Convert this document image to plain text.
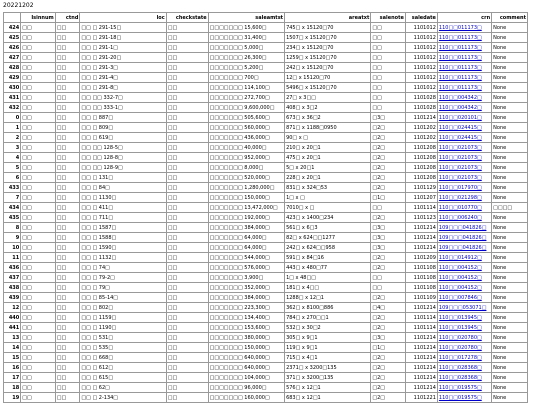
20221202
	Isinnum	ctnd	loc	checkstate	saleamtst	areatxt	salenote	saledate	crn	comment
424	□□	□□	□□ □ 291-15□	□□	□□□□□□□ 15,600□	745□ x 15120□70	□□	1101012	110□□011173□	None
425	□□	□□	□□ □ 291-18□	□□	□□□□□□□ 31,400□	1507□ x 15120□70	□□	1101012	110□□011173□	None
426	□□	□□	□□ □ 291-1□	□□	□□□□□□□ 5,000□	234□ x 15120□70	□□	1101012	110□□011173□	None
427	□□	□□	□□ □ 291-20□	□□	□□□□□□□ 26,300□	1259□ x 15120□70	□□	1101012	110□□011173□	None
428	□□	□□	□□ □ 291-3□	□□	□□□□□□□ 5,200□	242□ x 15120□70	□□	1101012	110□□011173□	None
429	□□	□□	□□ □ 291-4□	□□	□□□□□□□ 700□	12□ x 15120□70	□□	1101012	110□□011173□	None
430	□□	□□	□□ □ 291-8□	□□	□□□□□□□ 114,100□	5496□ x 15120□70	□□	1101012	110□□011173□	None
431	□□	□□	□□ □□ 332-7□	□□	□□□□□□□ 272,700□	27□ x 3□□	□□	1101028	110□□004342□	None
432	□□	□□	□□ □□ 333-1□	□□	□□□□□□□ 9,600,000□	408□ x 3□2	□□	1101028	110□□004342□	None
0	□□	□□	□□ □ 887□	□□	□□□□□□□ 505,600□	673□ x 36□2	□3□	1101214	110□□020101□	None
1	□□	□□	□□ □ 809□	□□	□□□□□□□ 560,000□	871□ x 1188□0950	□2□	1101202	110□□024415□	None
2	□□	□□	□□ □ 619□	□□	□□□□□□□ 436,000□	90□ x □	□2□	1101202	110□□024415□	None
3	□□	□□	□□ □□ 128-5□	□□	□□□□□□□ 40,000□	210□ x 20□1	□2□	1101208	110□□021073□	None
4	□□	□□	□□ □□ 128-8□	□□	□□□□□□□ 952,000□	475□ x 20□1	□2□	1101208	110□□021073□	None
5	□□	□□	□□ □□ 128-9□	□□	□□□□□□□ 8,000□	5□ x 20□1	□2□	1101208	110□□021073□	None
6	□□	□□	□□ □ 131□	□□	□□□□□□□ 520,000□	228□ x 20□1	□2□	1101208	110□□021073□	None
433	□□	□□	□□ □ 84□	□□	□□□□□□□ 1,280,000□	831□ x 324□53	□2□	1101129	110□□017970□	None
7	□□	□□	□□ □ 1130□	□□	□□□□□□□ 150,000□	1□ x □	□1□	1101207	110□□021298□	None
434	□□	□□	□□ □ 411□	□□	□□□□□□□ 13,472,000□	7010□ x □	□□	1101114	110□□010770□	□□□□
435	□□	□□	□□ □ 711□	□□	□□□□□□□ 192,000□	423□ x 1400□234	□2□	1101123	110□□006240□	None
8	□□	□□	□□ □ 1587□	□□	□□□□□□□ 384,000□	561□ x 6□3	□3□	1101214	109□□□041826□	None
9	□□	□□	□□ □ 1588□	□□	□□□□□□□ 64,000□	82□ x 624□□1277	□3□	1101214	109□□□041826□	None
10	□□	□□	□□ □ 1590□	□□	□□□□□□□ 64,000□	242□ x 624□□958	□3□	1101214	109□□□041826□	None
11	□□	□□	□□ □ 1132□	□□	□□□□□□□ 544,000□	591□ x 84□16	□2□	1101209	110□□014912□	None
436	□□	□□	□□ □ 74□	□□	□□□□□□□ 576,000□	443□ x 480□77	□2□	1101108	110□□004152□	None
437	□□	□□	□□ □ 79-2□	□□	□□□□□□□ 3,900□	1□ x 48□□	□□	1101108	110□□004152□	None
438	□□	□□	□□ □ 79□	□□	□□□□□□□ 352,000□	181□ x 4□□	□□	1101108	110□□004152□	None
439	□□	□□	□□ □ 85-14□	□□	□□□□□□□ 384,000□	1288□ x 12□1	□2□	1101109	110□□007846□	None
12	□□	□□	□□ □ 802□	□□	□□□□□□□ 223,300□	362□ x 8100□886	□4□	1101214	109□□□053071□	None
440	□□	□□	□□ □ 1159□	□□	□□□□□□□ 134,400□	784□ x 270□□1	□2□	1101114	110□□013945□	None
441	□□	□□	□□ □ 1190□	□□	□□□□□□□ 153,600□	532□ x 30□2	□2□	1101114	110□□013945□	None
13	□□	□□	□□ □ 531□	□□	□□□□□□□ 380,000□	305□ x 9□1	□3□	1101214	110□□020780□	None
14	□□	□□	□□ □ 535□	□□	□□□□□□□ 150,000□	119□ x 9□1	□1□	1101214	110□□020780□	None
15	□□	□□	□□ □ 668□	□□	□□□□□□□ 640,000□	715□ x 4□1	□2□	1101214	110□□017278□	None
16	□□	□□	□□ □ 612□	□□	□□□□□□□ 640,000□	2371□ x 3200□135	□2□	1101214	110□□028368□	None
17	□□	□□	□□ □ 615□	□□	□□□□□□□ 104,000□	371□ x 3200□135	□2□	1101214	110□□028368□	None
18	□□	□□	□□ □ 62□	□□	□□□□□□□ 96,000□	576□ x 12□1	□2□	1101214	110□□019575□	None
19	□□	□□	□□ □ 2-134□	□□	□□□□□□□ 160,000□	683□ x 12□1	□2□	1101221	110□□019575□	None
